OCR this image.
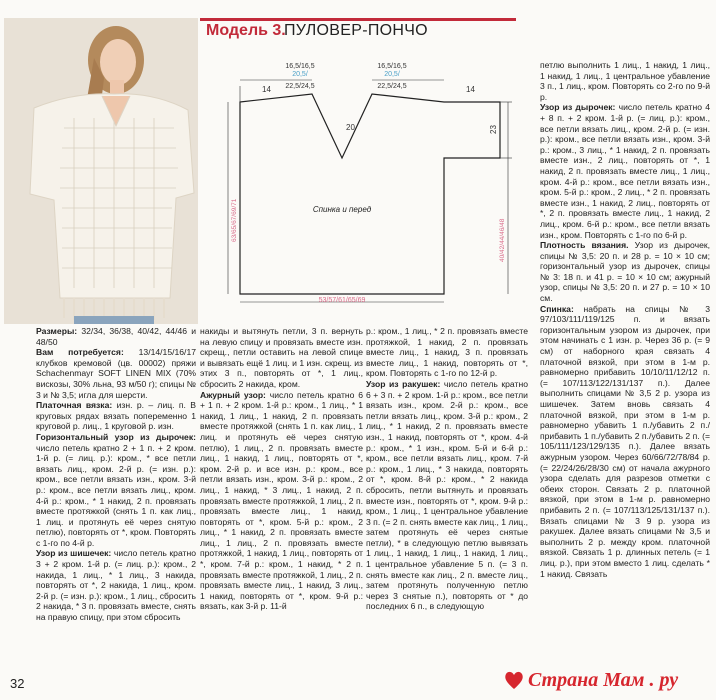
Модель 3.
ПУЛОВЕР-ПОНЧО
16,5/16,5
20,5/
22,5/24,5
16,5/16,5
20,5/
22,5/24,5
14	14
20	23
63/65/67/69/71	40/42/44/46/48
Спинка и перед
53/57/61/65/69

Размеры: 32/34, 36/38, 40/42, 44/46 и 48/50

Вам потребуется: 13/14/15/16/17 клубков кремовой (цв. 00002) пряжи Schachenmayr SOFT LINEN MIX (70% вискозы, 30% льна, 93 м/50 г); спицы № 3 и № 3,5; игла для шерсти.

Платочная вязка: изн. р. – лиц. п. В круговых рядах вязать попеременно 1 круговой р. лиц., 1 круговой р. изн.

Горизонтальный узор из дырочек: число петель кратно 2 + 1 п. + 2 кром. 1-й р. (= лиц. р.): кром., * все петли вязать лиц., кром. 2-й р. (= изн. р.): кром., все петли вязать изн., кром. 3-й р.: кром., все петли вязать лиц., кром. 4-й р.: кром., * 1 накид, 2 п. провязать вместе протяжкой (снять 1 п. как лиц., 1 лиц. и протянуть её через снятую петлю), повторять от *, кром. Повторять с 1-го по 4-й р.

Узор из шишечек: число петель кратно 3 + 2 кром. 1-й р. (= лиц. р.): кром., 2 накида, 1 лиц., * 1 лиц., 3 накида, повторять от *, 2 накида, 1 лиц., кром. 2-й р. (= изн. р.): кром., 1 лиц., сбросить 2 накида, * 3 п. провязать вместе, снять на правую спицу, при этом сбросить

накиды и вытянуть петли, 3 п. вернуть на левую спицу и провязать вместе изн. скрещ., петли оставить на левой спице и вывязать ещё 1 лиц. и 1 изн. скрещ. из этих 3 п., повторять от *, 1 лиц., сбросить 2 накида, кром.

Ажурный узор: число петель кратно 6 + 1 п. + 2 кром. 1-й р.: кром., 1 лиц., * 1 накид, 1 лиц., 1 накид, 2 п. провязать вместе протяжкой (снять 1 п. как лиц., 1 лиц. и протянуть её через снятую петлю), 1 лиц., 2 п. провязать вместе лиц., 1 накид, 1 лиц., повторять от *, кром. 2-й р. и все изн. р.: кром., все петли вязать изн., кром. 3-й р.: кром., 2 лиц., 1 накид, * 3 лиц., 1 накид, 2 п. провязать вместе протяжкой, 1 лиц., 2 п. провязать вместе лиц., 1 накид, повторять от *, кром. 5-й р.: кром., 2 лиц., * 1 накид, 2 п. провязать вместе лиц., 1 лиц., 2 п. провязать вместе протяжкой, 1 накид, 1 лиц., повторять от *, кром. 7-й р.: кром., 1 накид, * 2 п. провязать вместе протяжкой, 1 лиц., 2 п. провязать вместе лиц., 1 накид, 3 лиц., 1 накид, повторять от *, кром. 9-й р.: вязать, как 3-й р. 11-й

р.: кром., 1 лиц., * 2 п. провязать вместе протяжкой, 1 накид, 2 п. провязать вместе лиц., 1 накид, 3 п. провязать вместе лиц., 1 накид, повторять от *, кром. Повторять с 1-го по 12-й р.

Узор из ракушек: число петель кратно 6 + 3 п. + 2 кром. 1-й р.: кром., все петли вязать изн., кром. 2-й р.: кром., все петли вязать лиц., кром. 3-й р.: кром., 2 лиц., * 1 накид, 2 п. провязать вместе изн., 1 накид, повторять от *, кром. 4-й р.: кром., * 1 изн., кром. 5-й и 6-й р.: кром., все петли вязать лиц., кром. 7-й р.: кром., 1 лиц., * 3 накида, повторять от *, кром. 8-й р.: кром., * 2 накида сбросить, петли вытянуть и провязать вместе изн., повторять от *, кром. 9-й р.: кром., 1 лиц., 1 центральное убавление 3 п. (= 2 п. снять вместе как лиц., 1 лиц., затем протянуть её через снятые петли), * в следующую петлю вывязать 1 лиц., 1 накид, 1 лиц., 1 накид, 1 лиц., 1 центральное убавление 5 п. (= 3 п. снять вместе как лиц., 2 п. вместе лиц., затем протянуть полученную петлю через 3 снятые п.), повторять от * до последних 6 п., в следующую

петлю выполнить 1 лиц., 1 накид, 1 лиц., 1 накид, 1 лиц., 1 центральное убавление 3 п., 1 лиц., кром. Повторять со 2-го по 9-й р.

Узор из дырочек: число петель кратно 4 + 8 п. + 2 кром. 1-й р. (= лиц. р.): кром., все петли вязать лиц., кром. 2-й р. (= изн. р.): кром., все петли вязать изн., кром. 3-й р.: кром., 3 лиц., * 1 накид, 2 п. провязать вместе изн., 2 лиц., повторять от *, 1 накид, 2 п. провязать вместе лиц., 1 лиц., кром. 4-й р.: кром., все петли вязать изн., кром. 5-й р.: кром., 2 лиц., * 2 п. провязать вместе изн., 1 накид, 2 лиц., повторять от *, 2 п. провязать вместе лиц., 1 накид, 2 лиц., кром. 6-й р.: кром., все петли вязать изн., кром. Повторять с 1-го по 6-й р.

Плотность вязания. Узор из дырочек, спицы № 3,5: 20 п. и 28 р. = 10 × 10 см; горизонтальный узор из дырочек, спицы № 3: 18 п. и 41 р. = 10 × 10 см; ажурный узор, спицы № 3,5: 20 п. и 27 р. = 10 × 10 см.

Спинка: набрать на спицы № 3 97/103/111/119/125 п. и вязать горизонтальным узором из дырочек, при этом начинать с 1 изн. р. Через 36 р. (= 9 см) от наборного края связать 4 платочной вязкой, при этом в 1-м р. равномерно прибавить 10/10/11/12/12 п. (= 107/113/122/131/137 п.). Далее выполнить спицами № 3,5 2 р. узора из шишечек. Затем вновь связать 4 платочной вязкой, при этом в 1-м р. равномерно убавить 1 п./убавить 2 п./прибавить 1 п./убавить 2 п./убавить 2 п. (= 105/111/123/129/135 п.). Далее вязать ажурным узором. Через 60/66/72/78/84 р. (= 22/24/26/28/30 см) от начала ажурного узора сделать для разрезов отметки с обеих сторон. Связать 2 р. платочной вязкой, при этом в 1-м р. равномерно прибавить 2 п. (= 107/113/125/131/137 п.). Вязать спицами № 3 9 р. узора из ракушек. Далее вязать спицами № 3,5 и выполнить 2 р. между кром. платочной вязкой. Связать 1 р. длинных петель (= 1 лиц. р.), при этом вместо 1 лиц. сделать * 1 накид. Связать

32	Страна Мам . ру
